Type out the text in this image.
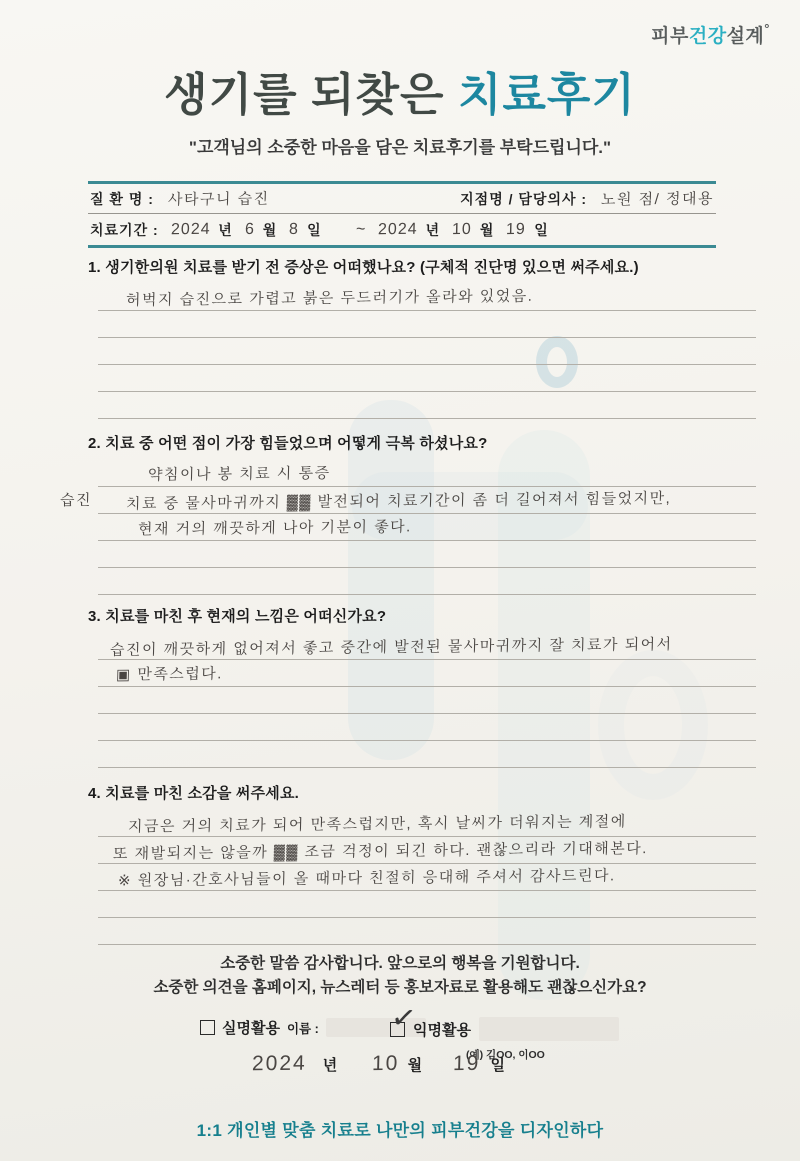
피부건강설계°
생기를 되찾은 치료후기

"고객님의 소중한 마음을 담은 치료후기를 부탁드립니다."

질 환 명 : 사타구니 습진	지점명 / 담당의사 : 노원 점/ 정대용
치료기간 : 2024 년 6 월 8 일 ~ 2024 년 10 월 19 일
1. 생기한의원 치료를 받기 전 증상은 어떠했나요? (구체적 진단명 있으면 써주세요.)
허벅지 습진으로 가렵고 붉은 두드러기가 올라와 있었음.
2. 치료 중 어떤 점이 가장 힘들었으며 어떻게 극복 하셨나요?
습진
약침이나 봉 치료 시 통증
치료 중 물사마귀까지 ▓▓ 발전되어 치료기간이 좀 더 길어져서 힘들었지만,
현재 거의 깨끗하게 나아 기분이 좋다.
3. 치료를 마친 후 현재의 느낌은 어떠신가요?
습진이 깨끗하게 없어져서 좋고 중간에 발전된 물사마귀까지 잘 치료가 되어서
▣ 만족스럽다.
4. 치료를 마친 소감을 써주세요.
지금은 거의 치료가 되어 만족스럽지만, 혹시 날씨가 더워지는 계절에
또 재발되지는 않을까 ▓▓ 조금 걱정이 되긴 하다. 괜찮으리라 기대해본다.
※ 원장님·간호사님들이 올 때마다 친절히 응대해 주셔서 감사드린다.
소중한 말씀 감사합니다. 앞으로의 행복을 기원합니다.
소중한 의견을 홈페이지, 뉴스레터 등 홍보자료로 활용해도 괜찮으신가요?
실명활용 이름 : ✓
익명활용
(예) 김OO, 이OO
2024 년 10 월 19 일
1:1 개인별 맞춤 치료로 나만의 피부건강을 디자인하다
